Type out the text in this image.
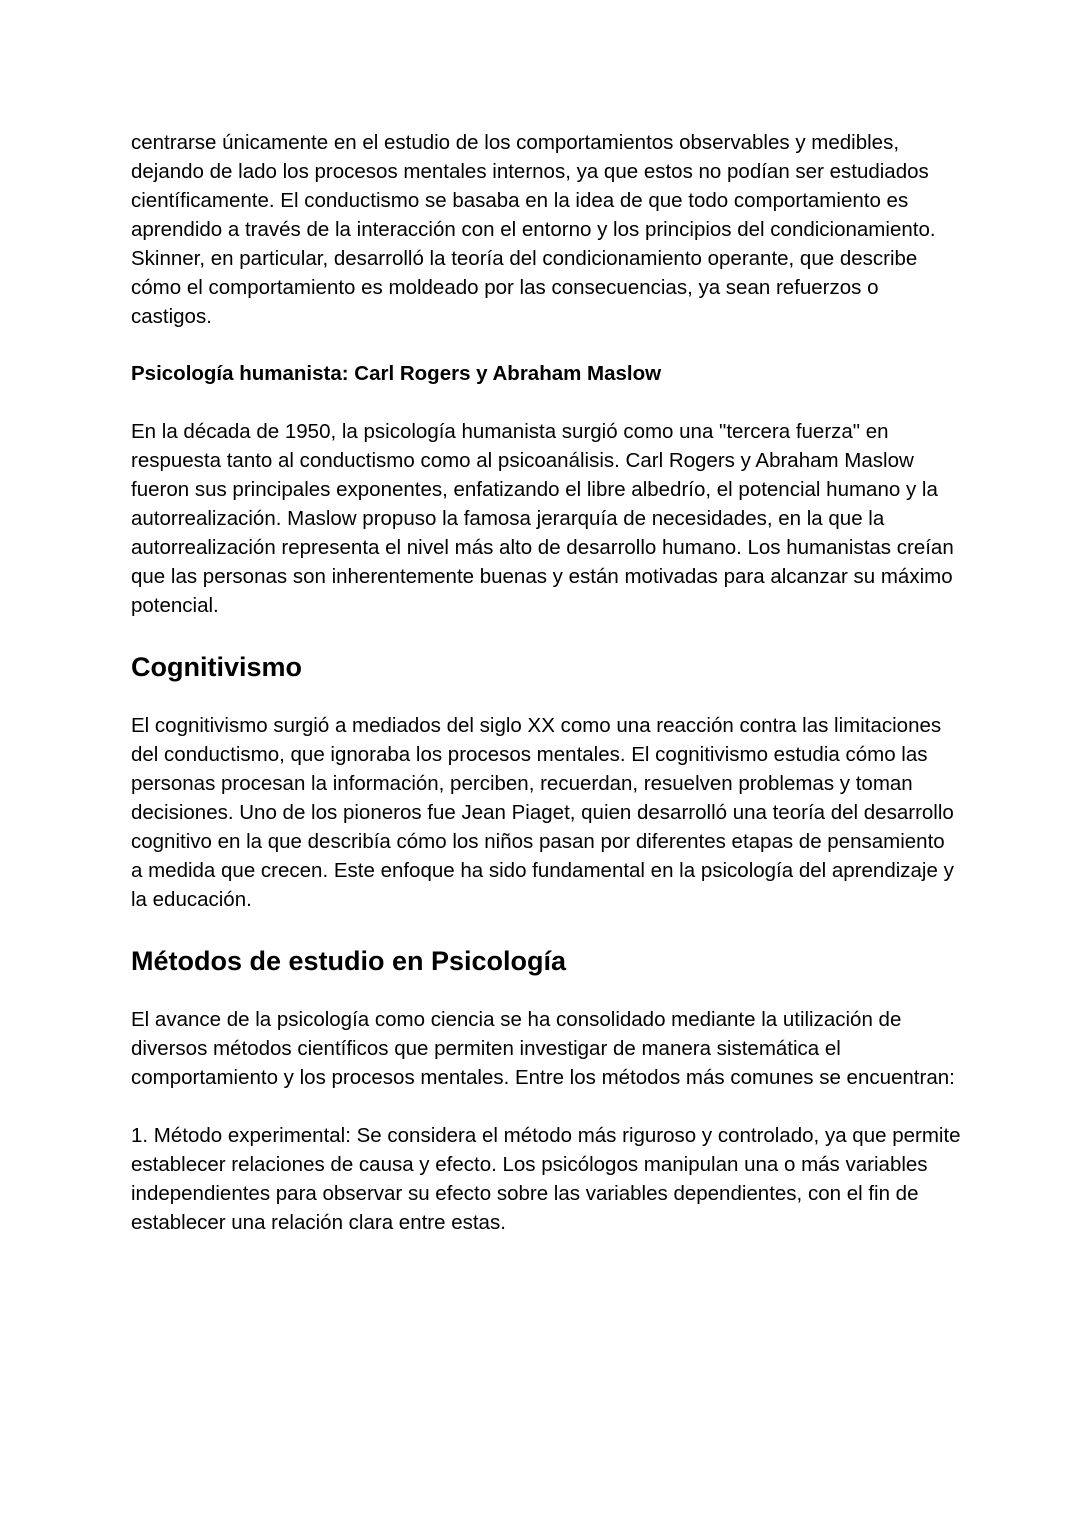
centrarse únicamente en el estudio de los comportamientos observables y medibles, dejando de lado los procesos mentales internos, ya que estos no podían ser estudiados científicamente. El conductismo se basaba en la idea de que todo comportamiento es aprendido a través de la interacción con el entorno y los principios del condicionamiento. Skinner, en particular, desarrolló la teoría del condicionamiento operante, que describe cómo el comportamiento es moldeado por las consecuencias, ya sean refuerzos o castigos.

Psicología humanista: Carl Rogers y Abraham Maslow

En la década de 1950, la psicología humanista surgió como una "tercera fuerza" en respuesta tanto al conductismo como al psicoanálisis. Carl Rogers y Abraham Maslow fueron sus principales exponentes, enfatizando el libre albedrío, el potencial humano y la autorrealización. Maslow propuso la famosa jerarquía de necesidades, en la que la autorrealización representa el nivel más alto de desarrollo humano. Los humanistas creían que las personas son inherentemente buenas y están motivadas para alcanzar su máximo potencial.

Cognitivismo

El cognitivismo surgió a mediados del siglo XX como una reacción contra las limitaciones del conductismo, que ignoraba los procesos mentales. El cognitivismo estudia cómo las personas procesan la información, perciben, recuerdan, resuelven problemas y toman decisiones. Uno de los pioneros fue Jean Piaget, quien desarrolló una teoría del desarrollo cognitivo en la que describía cómo los niños pasan por diferentes etapas de pensamiento a medida que crecen. Este enfoque ha sido fundamental en la psicología del aprendizaje y la educación.

Métodos de estudio en Psicología

El avance de la psicología como ciencia se ha consolidado mediante la utilización de diversos métodos científicos que permiten investigar de manera sistemática el comportamiento y los procesos mentales. Entre los métodos más comunes se encuentran:

1. Método experimental: Se considera el método más riguroso y controlado, ya que permite establecer relaciones de causa y efecto. Los psicólogos manipulan una o más variables independientes para observar su efecto sobre las variables dependientes, con el fin de establecer una relación clara entre estas.
